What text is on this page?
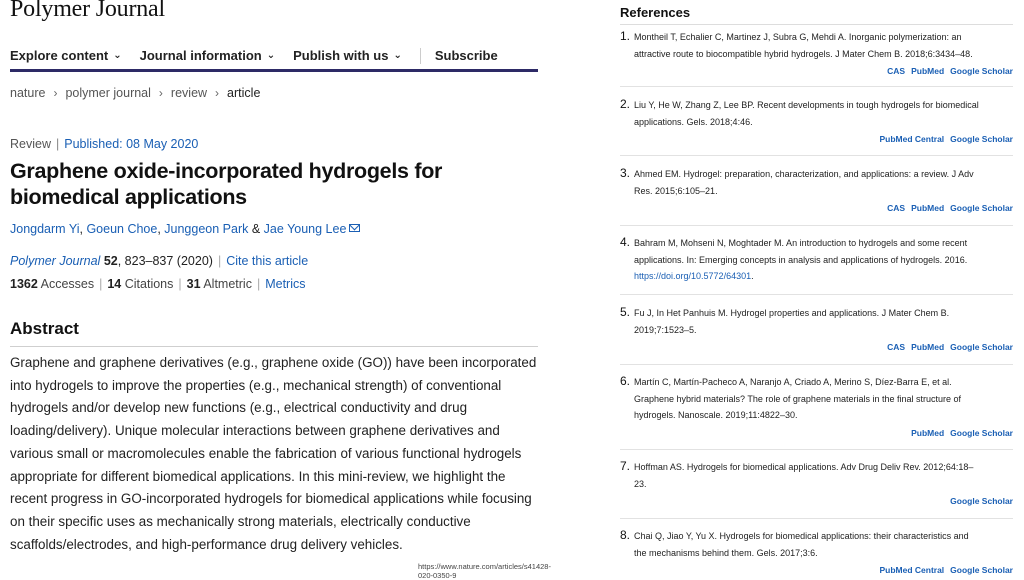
Polymer Journal
Explore content ⌄ Journal information ⌄ Publish with us ⌄	Subscribe
nature › polymer journal › review › article
Review | Published: 08 May 2020
Graphene oxide-incorporated hydrogels for biomedical applications
Jongdarm Yi, Goeun Choe, Junggeon Park & Jae Young Lee
Polymer Journal 52, 823–837 (2020) | Cite this article
1362 Accesses | 14 Citations | 31 Altmetric | Metrics
Abstract
Graphene and graphene derivatives (e.g., graphene oxide (GO)) have been incorporated
into hydrogels to improve the properties (e.g., mechanical strength) of conventional
hydrogels and/or develop new functions (e.g., electrical conductivity and drug
loading/delivery). Unique molecular interactions between graphene derivatives and
various small or macromolecules enable the fabrication of various functional hydrogels
appropriate for different biomedical applications. In this mini-review, we highlight the
recent progress in GO-incorporated hydrogels for biomedical applications while focusing
on their specific uses as mechanically strong materials, electrically conductive
scaffolds/electrodes, and high-performance drug delivery vehicles.
https://www.nature.com/articles/s41428-020-0350-9
References
1. Montheil T, Echalier C, Martinez J, Subra G, Mehdi A. Inorganic polymerization: an
attractive route to biocompatible hybrid hydrogels. J Mater Chem B. 2018;6:3434–48.
CAS PubMed Google Scholar
2. Liu Y, He W, Zhang Z, Lee BP. Recent developments in tough hydrogels for biomedical
applications. Gels. 2018;4:46.
PubMed Central Google Scholar
3. Ahmed EM. Hydrogel: preparation, characterization, and applications: a review. J Adv
Res. 2015;6:105–21.
CAS PubMed Google Scholar
4. Bahram M, Mohseni N, Moghtader M. An introduction to hydrogels and some recent
applications. In: Emerging concepts in analysis and applications of hydrogels. 2016.
https://doi.org/10.5772/64301.
5. Fu J, In Het Panhuis M. Hydrogel properties and applications. J Mater Chem B.
2019;7:1523–5.
CAS PubMed Google Scholar
6. Martín C, Martín-Pacheco A, Naranjo A, Criado A, Merino S, Díez-Barra E, et al.
Graphene hybrid materials? The role of graphene materials in the final structure of
hydrogels. Nanoscale. 2019;11:4822–30.
PubMed Google Scholar
7. Hoffman AS. Hydrogels for biomedical applications. Adv Drug Deliv Rev. 2012;64:18–
23.
Google Scholar
8. Chai Q, Jiao Y, Yu X. Hydrogels for biomedical applications: their characteristics and
the mechanisms behind them. Gels. 2017;3:6.
PubMed Central Google Scholar
